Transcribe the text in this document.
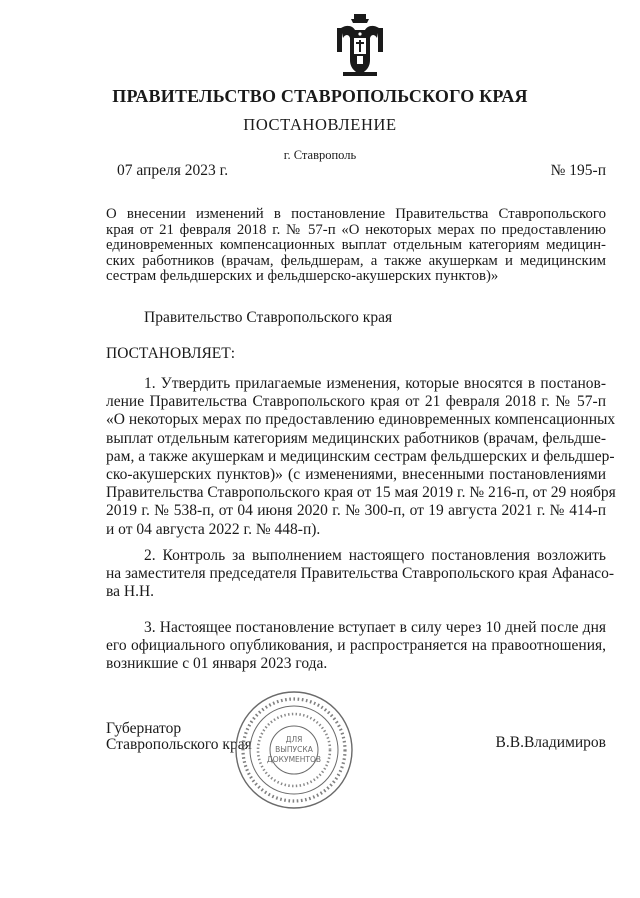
ПРАВИТЕЛЬСТВО СТАВРОПОЛЬСКОГО КРАЯ
ПОСТАНОВЛЕНИЕ
г. Ставрополь
07 апреля 2023 г.	№ 195-п
О внесении изменений в постановление Правительства Ставропольского
края от 21 февраля 2018 г. № 57-п «О некоторых мерах по предоставлению
единовременных компенсационных выплат отдельным категориям медицин-
ских работников (врачам, фельдшерам, а также акушеркам и медицинским
сестрам фельдшерских и фельдшерско-акушерских пунктов)»
Правительство Ставропольского края
ПОСТАНОВЛЯЕТ:
1. Утвердить прилагаемые изменения, которые вносятся в постанов-
ление Правительства Ставропольского края от 21 февраля 2018 г. № 57-п
«О некоторых мерах по предоставлению единовременных компенсационных
выплат отдельным категориям медицинских работников (врачам, фельдше-
рам, а также акушеркам и медицинским сестрам фельдшерских и фельдшер-
ско-акушерских пунктов)» (с изменениями, внесенными постановлениями
Правительства Ставропольского края от 15 мая 2019 г. № 216-п, от 29 ноября
2019 г. № 538-п, от 04 июня 2020 г. № 300-п, от 19 августа 2021 г. № 414-п
и от 04 августа 2022 г. № 448-п).
2. Контроль за выполнением настоящего постановления возложить
на заместителя председателя Правительства Ставропольского края Афанасо-
ва Н.Н.
3. Настоящее постановление вступает в силу через 10 дней после дня
его официального опубликования, и распространяется на правоотношения,
возникшие с 01 января 2023 года.
Губернатор
Ставропольского края	В.В.Владимиров
ДЛЯ
ВЫПУСКА
ДОКУМЕНТОВ
